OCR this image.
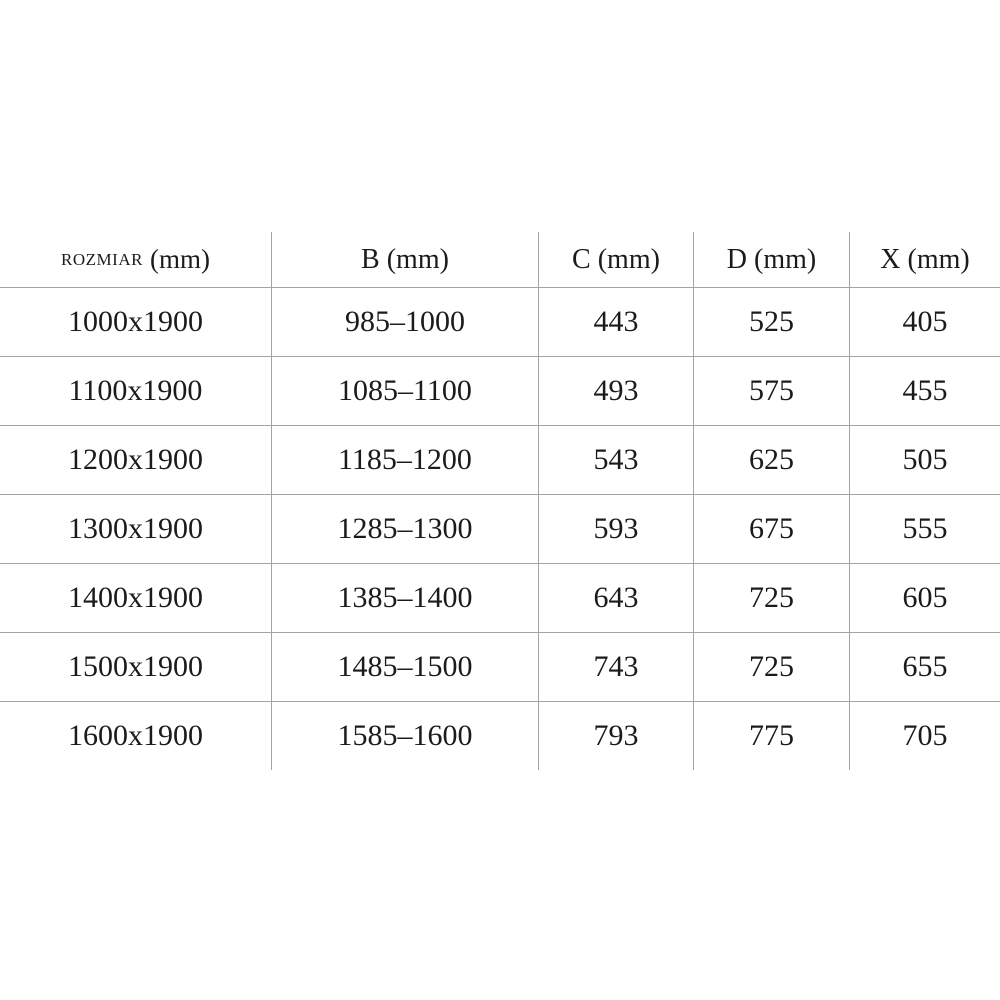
ROZMIAR (mm)	B (mm)	C (mm)	D (mm)	X (mm)
1000x1900	985–1000	443	525	405
1100x1900	1085–1100	493	575	455
1200x1900	1185–1200	543	625	505
1300x1900	1285–1300	593	675	555
1400x1900	1385–1400	643	725	605
1500x1900	1485–1500	743	725	655
1600x1900	1585–1600	793	775	705
